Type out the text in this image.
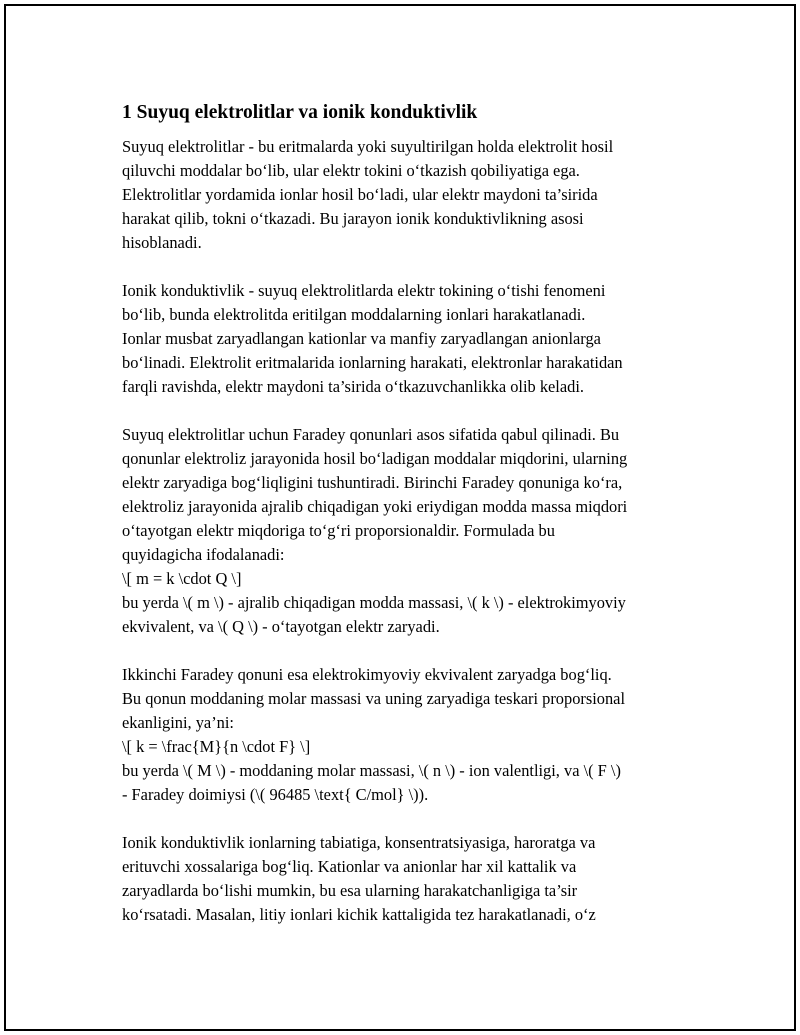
1 Suyuq elektrolitlar va ionik konduktivlik
Suyuq elektrolitlar - bu eritmalarda yoki suyultirilgan holda elektrolit hosil
qiluvchi moddalar bo‘lib, ular elektr tokini o‘tkazish qobiliyatiga ega.
Elektrolitlar yordamida ionlar hosil bo‘ladi, ular elektr maydoni ta’sirida
harakat qilib, tokni o‘tkazadi. Bu jarayon ionik konduktivlikning asosi
hisoblanadi.
Ionik konduktivlik - suyuq elektrolitlarda elektr tokining o‘tishi fenomeni
bo‘lib, bunda elektrolitda eritilgan moddalarning ionlari harakatlanadi.
Ionlar musbat zaryadlangan kationlar va manfiy zaryadlangan anionlarga
bo‘linadi. Elektrolit eritmalarida ionlarning harakati, elektronlar harakatidan
farqli ravishda, elektr maydoni ta’sirida o‘tkazuvchanlikka olib keladi.
Suyuq elektrolitlar uchun Faradey qonunlari asos sifatida qabul qilinadi. Bu
qonunlar elektroliz jarayonida hosil bo‘ladigan moddalar miqdorini, ularning
elektr zaryadiga bog‘liqligini tushuntiradi. Birinchi Faradey qonuniga ko‘ra,
elektroliz jarayonida ajralib chiqadigan yoki eriydigan modda massa miqdori
o‘tayotgan elektr miqdoriga to‘g‘ri proporsionaldir. Formulada bu
quyidagicha ifodalanadi:
\[ m = k \cdot Q \]
bu yerda \( m \) - ajralib chiqadigan modda massasi, \( k \) - elektrokimyoviy
ekvivalent, va \( Q \) - o‘tayotgan elektr zaryadi.
Ikkinchi Faradey qonuni esa elektrokimyoviy ekvivalent zaryadga bog‘liq.
Bu qonun moddaning molar massasi va uning zaryadiga teskari proporsional
ekanligini, ya’ni:
\[ k = \frac{M}{n \cdot F} \]
bu yerda \( M \) - moddaning molar massasi, \( n \) - ion valentligi, va \( F \)
- Faradey doimiysi (\( 96485 \text{ C/mol} \)).
Ionik konduktivlik ionlarning tabiatiga, konsentratsiyasiga, haroratga va
erituvchi xossalariga bog‘liq. Kationlar va anionlar har xil kattalik va
zaryadlarda bo‘lishi mumkin, bu esa ularning harakatchanligiga ta’sir
ko‘rsatadi. Masalan, litiy ionlari kichik kattaligida tez harakatlanadi, o‘z
